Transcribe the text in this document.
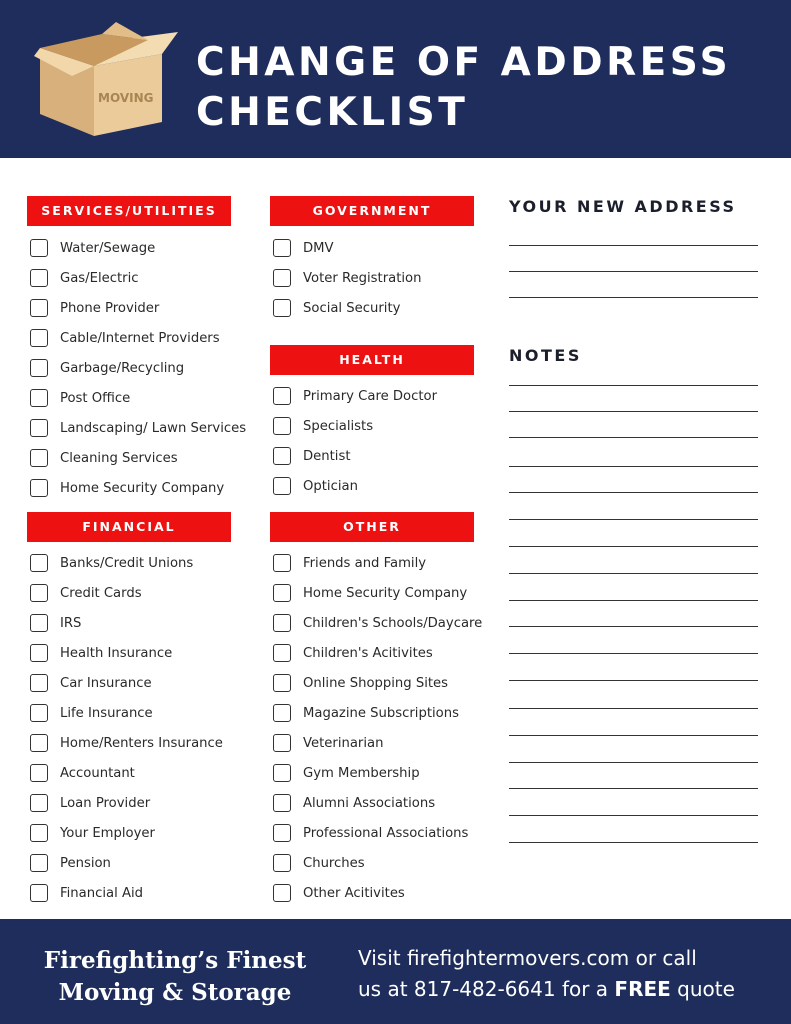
MOVING
CHANGE OF ADDRESS
CHECKLIST
SERVICES/UTILITIES
Water/Sewage
Gas/Electric
Phone Provider
Cable/Internet Providers
Garbage/Recycling
Post Office
Landscaping/ Lawn Services
Cleaning Services
Home Security Company
FINANCIAL
Banks/Credit Unions
Credit Cards
IRS
Health Insurance
Car Insurance
Life Insurance
Home/Renters Insurance
Accountant
Loan Provider
Your Employer
Pension
Financial Aid
GOVERNMENT
DMV
Voter Registration
Social Security
HEALTH
Primary Care Doctor
Specialists
Dentist
Optician
OTHER
Friends and Family
Home Security Company
Children's Schools/Daycare
Children's Acitivites
Online Shopping Sites
Magazine Subscriptions
Veterinarian
Gym Membership
Alumni Associations
Professional Associations
Churches
Other Acitivites
YOUR NEW ADDRESS
NOTES
Firefighting’s Finest
Moving & Storage
Visit firefightermovers.com or call
us at 817-482-6641 for a FREE quote
